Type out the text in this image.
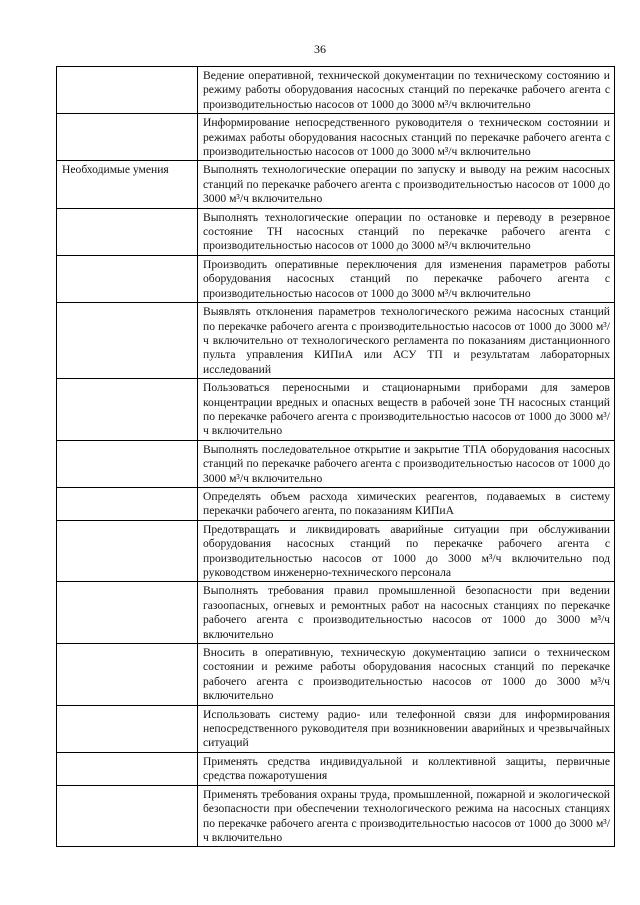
36

	Ведение оперативной, технической документации по техническому состоянию и режиму работы оборудования насосных станций по перекачке рабочего агента с производительностью насосов от 1000 до 3000 м³/ч включительно

	Информирование непосредственного руководителя о техническом состоянии и режимах работы оборудования насосных станций по перекачке рабочего агента с производительностью насосов от 1000 до 3000 м³/ч включительно

Необходимые умения	Выполнять технологические операции по запуску и выводу на режим насосных станций по перекачке рабочего агента с производительностью насосов от 1000 до 3000 м³/ч включительно

	Выполнять технологические операции по остановке и переводу в резервное состояние ТН насосных станций по перекачке рабочего агента с производительностью насосов от 1000 до 3000 м³/ч включительно

	Производить оперативные переключения для изменения параметров работы оборудования насосных станций по перекачке рабочего агента с производительностью насосов от 1000 до 3000 м³/ч включительно

	Выявлять отклонения параметров технологического режима насосных станций по перекачке рабочего агента с производительностью насосов от 1000 до 3000 м³/ч включительно от технологического регламента по показаниям дистанционного пульта управления КИПиА или АСУ ТП и результатам лабораторных исследований

	Пользоваться переносными и стационарными приборами для замеров концентрации вредных и опасных веществ в рабочей зоне ТН насосных станций по перекачке рабочего агента с производительностью насосов от 1000 до 3000 м³/ч включительно

	Выполнять последовательное открытие и закрытие ТПА оборудования насосных станций по перекачке рабочего агента с производительностью насосов от 1000 до 3000 м³/ч включительно

	Определять объем расхода химических реагентов, подаваемых в систему перекачки рабочего агента, по показаниям КИПиА

	Предотвращать и ликвидировать аварийные ситуации при обслуживании оборудования насосных станций по перекачке рабочего агента с производительностью насосов от 1000 до 3000 м³/ч включительно под руководством инженерно-технического персонала

	Выполнять требования правил промышленной безопасности при ведении газоопасных, огневых и ремонтных работ на насосных станциях по перекачке рабочего агента с производительностью насосов от 1000 до 3000 м³/ч включительно

	Вносить в оперативную, техническую документацию записи о техническом состоянии и режиме работы оборудования насосных станций по перекачке рабочего агента с производительностью насосов от 1000 до 3000 м³/ч включительно

	Использовать систему радио- или телефонной связи для информирования непосредственного руководителя при возникновении аварийных и чрезвычайных ситуаций

	Применять средства индивидуальной и коллективной защиты, первичные средства пожаротушения

	Применять требования охраны труда, промышленной, пожарной и экологической безопасности при обеспечении технологического режима на насосных станциях по перекачке рабочего агента с производительностью насосов от 1000 до 3000 м³/ч включительно
